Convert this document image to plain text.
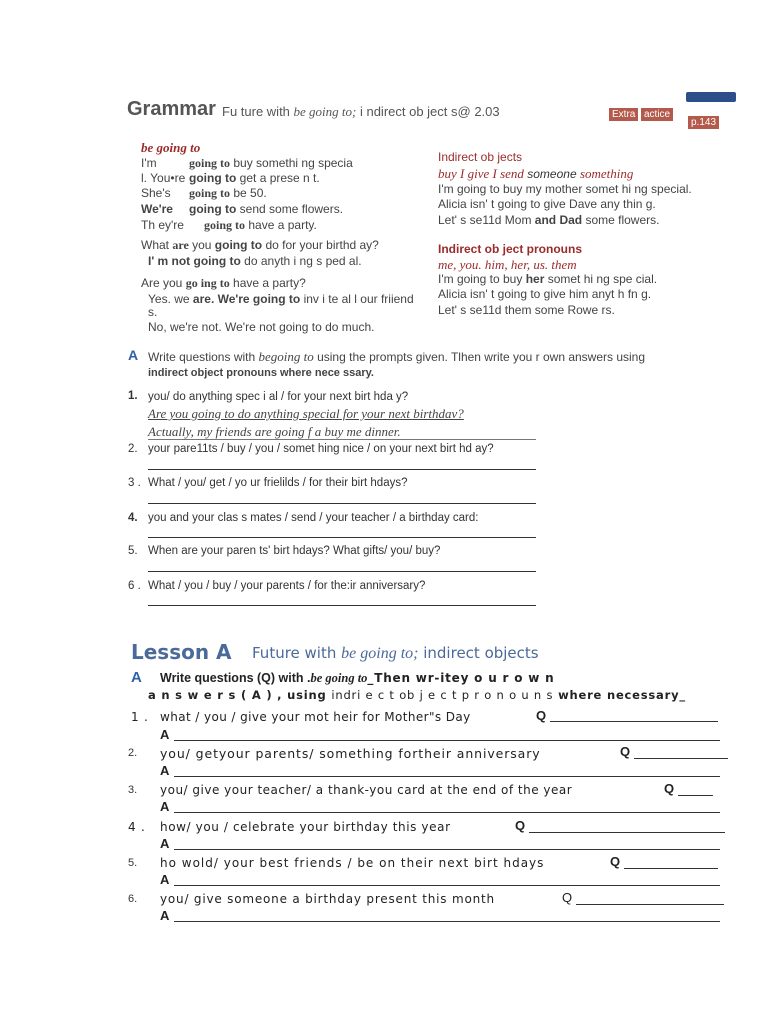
Grammar Fu ture with be going to; i ndirect ob ject s@ 2.03	Extra actice
p.143
be going to
I'm	going to buy somethi ng specia
l. You•re going to get a prese n t.
She's going to be 50.
We're going to send some flowers.
Th ey're going to have a party.
What are you going to do for your birthd ay?
I' m not going to do anyth i ng s ped al.
Are you go ing to have a party?
Yes. we are. We're going to inv i te al l our friiend
s.
No, we're not. We're not going to do much.
Indirect ob jects
buy I give I send someone something
I'm going to buy my mother somet hi ng special.
Alicia isn' t going to give Dave any thin g.
Let' s se11d Mom and Dad some flowers.
Indirect ob ject pronouns
me, you. him, her, us. them
I'm going to buy her somet hi ng spe cial.
Alicia isn' t going to give him anyt h fn g.
Let' s se11d them some Rowe rs.
A Write questions with begoing to using the prompts given. Tlhen write you r own answers using
indirect object pronouns where nece ssary.
1. you/ do anything spec i al / for your next birt hda y?
Are you going to do anything special for your next birthdav?
Actually, my friends are going f a buy me dinner.
2. your pare11ts / buy / you / somet hing nice / on your next birt hd ay?
3 . What / you/ get / yo ur frielilds / for their birt hdays?
4. you and your clas s mates / send / your teacher / a birthday card:
5. When are your paren ts' birt hdays? What gifts/ you/ buy?
6 . What / you / buy / your parents / for the:ir anniversary?
Lesson A Future with be going to; indirect objects
A Write questions (Q) with .be going to_Then wr-itey o u r o w n
a n s w e r s ( A ) , using indri e c t ob j e c t p r o n o u n s where necessary_
1 . what / you / give your mot heir for Mother"s Day	Q
A
2. you/ getyour parents/ something fortheir anniversary	Q
A
3. you/ give your teacher/ a thank-you card at the end of the year	Q
A
4 . how/ you / celebrate your birthday this year	Q
A
5. ho wold/ your best friends / be on their next birt hdays	Q
A
6. you/ give someone a birthday present this month	Q
A
